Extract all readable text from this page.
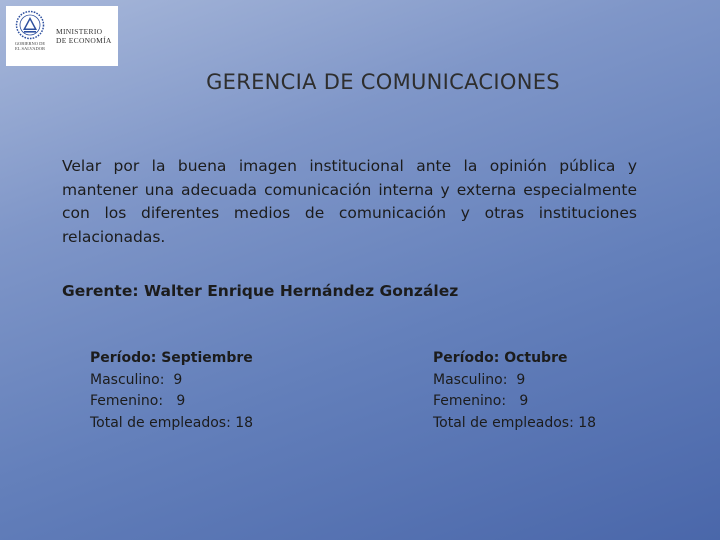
GOBIERNO DE
EL SALVADOR
MINISTERIO
DE ECONOMÍA
GERENCIA DE COMUNICACIONES

Velar por la buena imagen institucional ante la opinión pública y mantener una adecuada comunicación interna y externa especialmente con los diferentes medios de comunicación y otras instituciones relacionadas.

Gerente: Walter Enrique Hernández González

Período: Septiembre
Masculino:  9
Femenino:   9
Total de empleados: 18
Período: Octubre
Masculino:  9
Femenino:   9
Total de empleados: 18
